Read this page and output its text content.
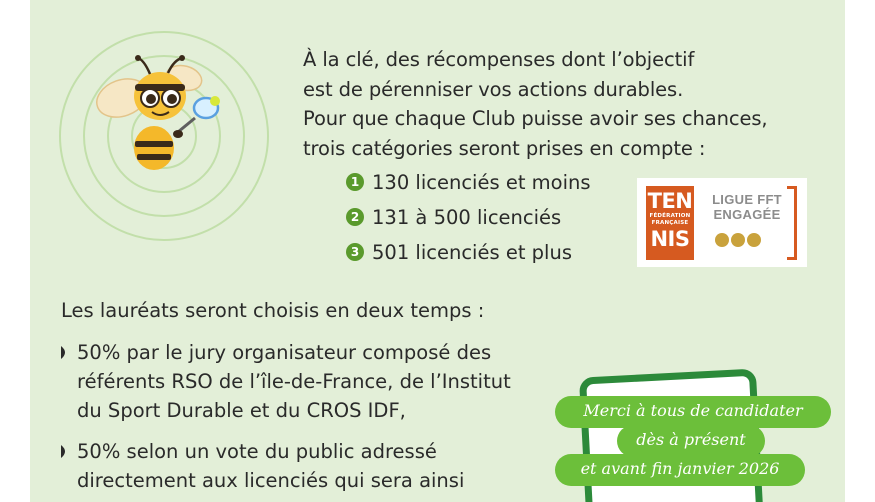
À la clé, des récompenses dont l’objectif
est de pérenniser vos actions durables.
Pour que chaque Club puisse avoir ses chances,
trois catégories seront prises en compte :
1 130 licenciés et moins
2 131 à 500 licenciés
3 501 licenciés et plus
TEN
FÉDÉRATION
FRANÇAISE
NIS
LIGUE FFT
ENGAGÉE
Les lauréats seront choisis en deux temps :
50% par le jury organisateur composé des
référents RSO de l’île-de-France, de l’Institut
du Sport Durable et du CROS IDF,
50% selon un vote du public adressé
directement aux licenciés qui sera ainsi
Merci à tous de candidater
dès à présent
et avant fin janvier 2026
